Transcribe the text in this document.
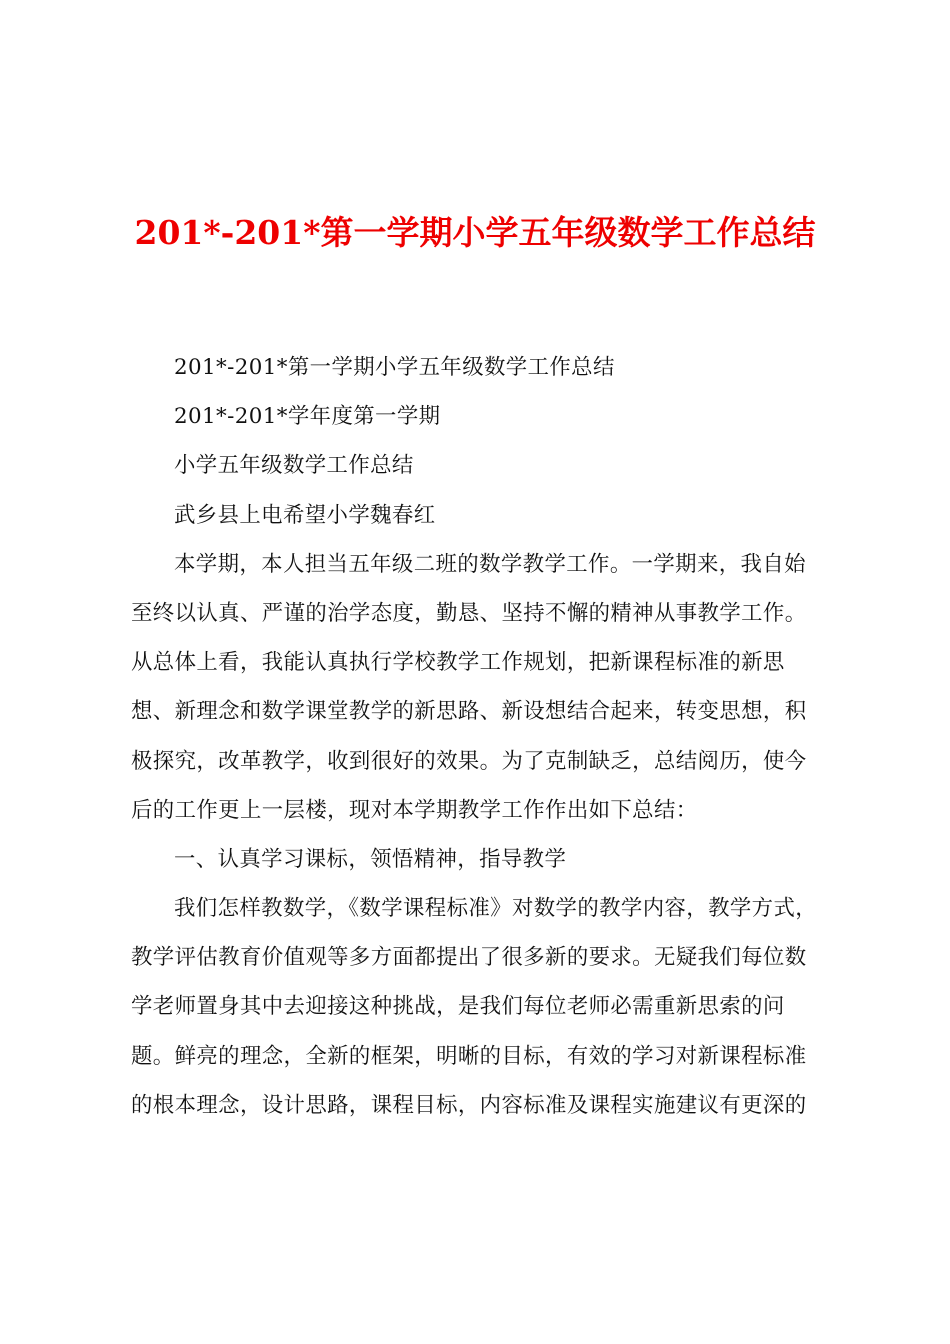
201*-201*第一学期小学五年级数学工作总结
201*-201*第一学期小学五年级数学工作总结
201*-201*学年度第一学期
小学五年级数学工作总结
武乡县上电希望小学魏春红
本学期，本人担当五年级二班的数学教学工作。一学期来，我自始
至终以认真、严谨的治学态度，勤恳、坚持不懈的精神从事教学工作。
从总体上看，我能认真执行学校教学工作规划，把新课程标准的新思
想、新理念和数学课堂教学的新思路、新设想结合起来，转变思想，积
极探究，改革教学，收到很好的效果。为了克制缺乏，总结阅历，使今
后的工作更上一层楼，现对本学期教学工作作出如下总结：
一、认真学习课标，领悟精神，指导教学
我们怎样教数学，《数学课程标准》对数学的教学内容，教学方式，
教学评估教育价值观等多方面都提出了很多新的要求。无疑我们每位数
学老师置身其中去迎接这种挑战，是我们每位老师必需重新思索的问
题。鲜亮的理念，全新的框架，明晰的目标，有效的学习对新课程标准
的根本理念，设计思路，课程目标，内容标准及课程实施建议有更深的
